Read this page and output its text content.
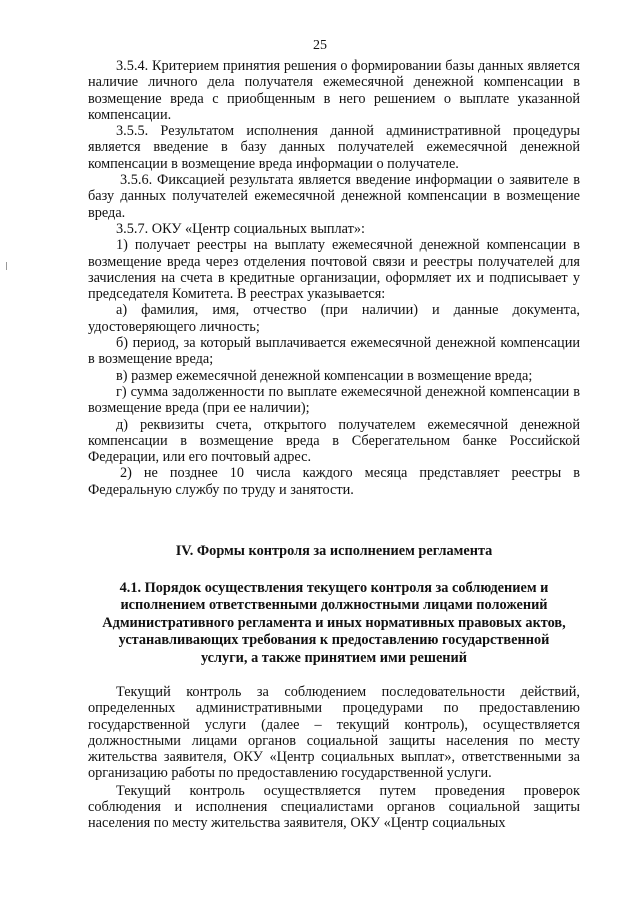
25

3.5.4. Критерием принятия решения о формировании базы данных является наличие личного дела получателя ежемесячной денежной компенсации в возмещение вреда с приобщенным в него решением о выплате указанной компенсации.

3.5.5. Результатом исполнения данной административной процедуры является введение в базу данных получателей ежемесячной денежной компенсации в возмещение вреда информации о получателе.

3.5.6. Фиксацией результата является введение информации о заявителе в базу данных получателей ежемесячной денежной компенсации в возмещение вреда.

3.5.7. ОКУ «Центр социальных выплат»:

1) получает реестры на выплату ежемесячной денежной компенсации в возмещение вреда через отделения почтовой связи и реестры получателей для зачисления на счета в кредитные организации, оформляет их и подписывает у председателя Комитета. В реестрах указывается:

а) фамилия, имя, отчество (при наличии) и данные документа, удостоверяющего личность;

б) период, за который выплачивается ежемесячной денежной компенсации в возмещение вреда;

в) размер ежемесячной денежной компенсации в возмещение вреда;

г) сумма задолженности по выплате ежемесячной денежной компенсации в возмещение вреда (при ее наличии);

д) реквизиты счета, открытого получателем ежемесячной денежной компенсации в возмещение вреда в Сберегательном банке Российской Федерации, или его почтовый адрес.

2) не позднее 10 числа каждого месяца представляет реестры в Федеральную службу по труду и занятости.

IV. Формы контроля за исполнением регламента
4.1. Порядок осуществления текущего контроля за соблюдением и исполнением ответственными должностными лицами положений Административного регламента и иных нормативных правовых актов, устанавливающих требования к предоставлению государственной услуги, а также принятием ими решений

Текущий контроль за соблюдением последовательности действий, определенных административными процедурами по предоставлению государственной услуги (далее – текущий контроль), осуществляется должностными лицами органов социальной защиты населения по месту жительства заявителя, ОКУ «Центр социальных выплат», ответственными за организацию работы по предоставлению государственной услуги.

Текущий контроль осуществляется путем проведения проверок соблюдения и исполнения специалистами органов социальной защиты населения по месту жительства заявителя, ОКУ «Центр социальных
